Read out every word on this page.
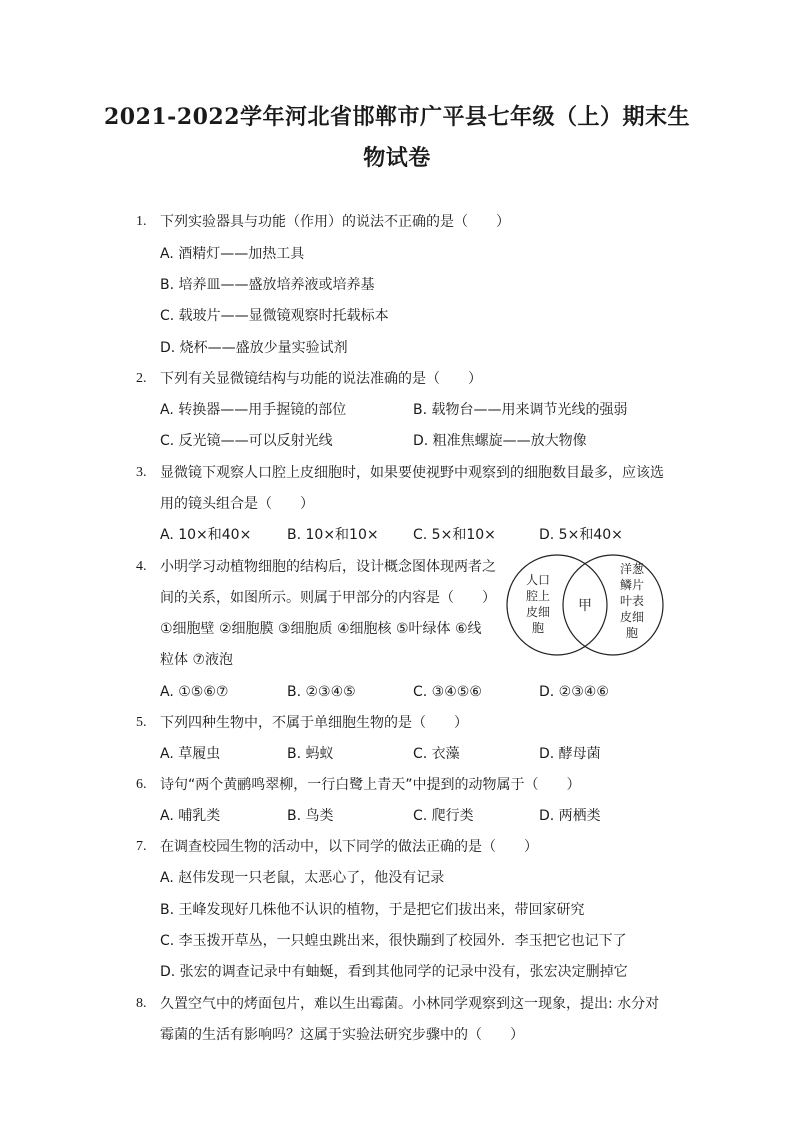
2021-2022学年河北省邯郸市广平县七年级（上）期末生
物试卷
1. 下列实验器具与功能（作用）的说法不正确的是（　　）
A. 酒精灯——加热工具
B. 培养皿——盛放培养液或培养基
C. 载玻片——显微镜观察时托载标本
D. 烧杯——盛放少量实验试剂
2. 下列有关显微镜结构与功能的说法准确的是（　　）
A. 转换器——用手握镜的部位	B. 载物台——用来调节光线的强弱
C. 反光镜——可以反射光线	D. 粗准焦螺旋——放大物像
3. 显微镜下观察人口腔上皮细胞时，如果要使视野中观察到的细胞数目最多，应该选
用的镜头组合是（　　）
A. 10×和40×	B. 10×和10× C. 5×和10×	D. 5×和40×
4. 小明学习动植物细胞的结构后，设计概念图体现两者之
间的关系，如图所示。则属于甲部分的内容是（　　）
①细胞壁 ②细胞膜 ③细胞质 ④细胞核 ⑤叶绿体 ⑥线
粒体 ⑦液泡
人口
腔上
皮细
胞
甲
洋葱
鳞片
叶表
皮细
胞
A. ①⑤⑥⑦	B. ②③④⑤	C. ③④⑤⑥	D. ②③④⑥
5. 下列四种生物中，不属于单细胞生物的是（　　）
A. 草履虫	B. 蚂蚁	C. 衣藻	D. 酵母菌
6. 诗句“两个黄鹂鸣翠柳，一行白鹭上青天”中提到的动物属于（　　）
A. 哺乳类	B. 鸟类	C. 爬行类	D. 两栖类
7. 在调查校园生物的活动中，以下同学的做法正确的是（　　）
A. 赵伟发现一只老鼠，太恶心了，他没有记录
B. 王峰发现好几株他不认识的植物，于是把它们拔出来，带回家研究
C. 李玉拨开草丛，一只蝗虫跳出来，很快蹦到了校园外．李玉把它也记下了
D. 张宏的调查记录中有蚰蜒，看到其他同学的记录中没有，张宏决定删掉它
8. 久置空气中的烤面包片，难以生出霉菌。小林同学观察到这一现象，提出: 水分对
霉菌的生活有影响吗？这属于实验法研究步骤中的（　　）
